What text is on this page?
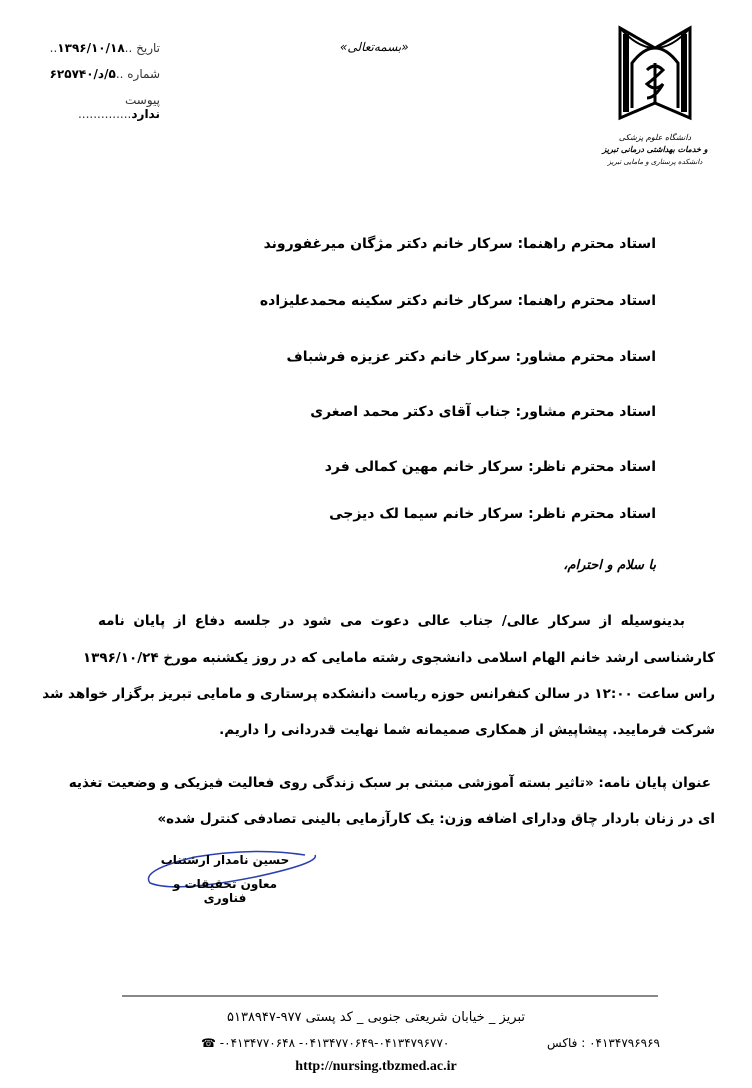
دانشگاه علوم پزشکی
و خدمات بهداشتی درمانی تبریز
دانشکده پرستاری و مامایی تبریز
«بسمه‌تعالی»
تاریخ ..۱۳۹۶/۱۰/۱۸..
شماره ..۵/د/۶۲۵۷۴۰
پیوست ندارد..............
استاد محترم راهنما: سرکار خانم دکتر مژگان میرغفوروند
استاد محترم راهنما: سرکار خانم دکتر سکینه محمدعلیزاده
استاد محترم مشاور: سرکار خانم دکتر عزیزه فرشباف
استاد محترم مشاور: جناب آقای دکتر محمد اصغری
استاد محترم ناظر: سرکار خانم مهین کمالی فرد
استاد محترم ناظر: سرکار خانم سیما لک دیزجی
با سلام و احترام،
بدینوسیله از سرکار عالی/ جناب عالی دعوت می شود در جلسه دفاع از پایان نامه
کارشناسی ارشد خانم الهام اسلامی دانشجوی رشته مامایی که در روز یکشنبه مورخ ۱۳۹۶/۱۰/۲۴
راس ساعت ۱۲:۰۰ در سالن کنفرانس حوزه ریاست دانشکده پرستاری و مامایی تبریز برگزار خواهد شد
شرکت فرمایید. پیشاپیش از همکاری صمیمانه شما نهایت قدردانی را داریم.
عنوان پایان نامه: «تاثیر بسته آموزشی مبتنی بر سبک زندگی روی فعالیت فیزیکی و وضعیت تغذیه
ای در زنان باردار چاق ودارای اضافه وزن: یک کارآزمایی بالینی تصادفی کنترل شده»
حسین نامدار ارشتناب
معاون تحقیقات و فناوری
تبریز _ خیابان شریعتی جنوبی _ کد پستی ۹۷۷-۵۱۳۸۹۴۷
۰۴۱۳۴۷۹۶۹۶۹ : فاکس  ۰۴۱۳۴۷۹۶۷۷۰-۰۴۱۳۴۷۷۰۶۴۹- ۰۴۱۳۴۷۷۰۶۴۸- ☎
http://nursing.tbzmed.ac.ir
